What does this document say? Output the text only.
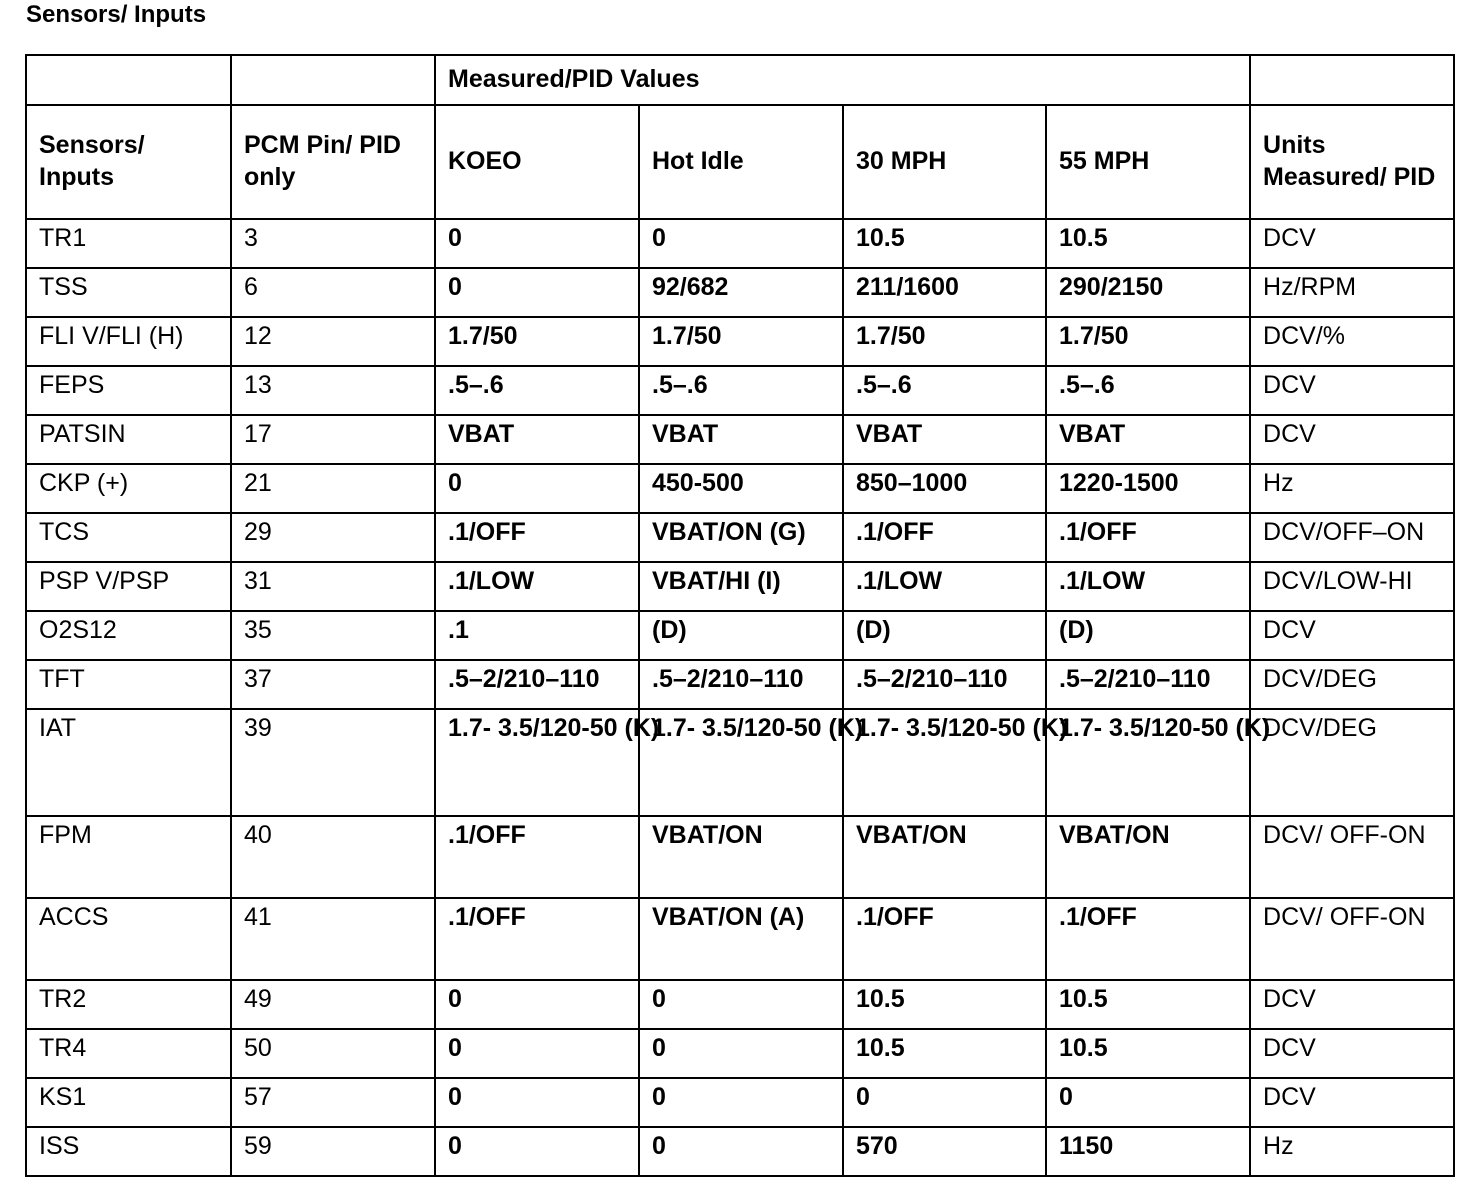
Sensors/ Inputs
		Measured/PID Values				
Sensors/ Inputs	PCM Pin/ PID only	KOEO	Hot Idle	30 MPH	55 MPH	Units Measured/ PID
TR1	3	0	0	10.5	10.5	DCV
TSS	6	0	92/682	211/1600	290/2150	Hz/RPM
FLI V/FLI (H)	12	1.7/50	1.7/50	1.7/50	1.7/50	DCV/%
FEPS	13	.5–.6	.5–.6	.5–.6	.5–.6	DCV
PATSIN	17	VBAT	VBAT	VBAT	VBAT	DCV
CKP (+)	21	0	450-500	850–1000	1220-1500	Hz
TCS	29	.1/OFF	VBAT/ON (G)	.1/OFF	.1/OFF	DCV/OFF–ON
PSP V/PSP	31	.1/LOW	VBAT/HI (I)	.1/LOW	.1/LOW	DCV/LOW-HI
O2S12	35	.1	(D)	(D)	(D)	DCV
TFT	37	.5–2/210–110	.5–2/210–110	.5–2/210–110	.5–2/210–110	DCV/DEG
IAT	39	1.7- 3.5/120-50 (K)	1.7- 3.5/120-50 (K)	1.7- 3.5/120-50 (K)	1.7- 3.5/120-50 (K)	DCV/DEG
FPM	40	.1/OFF	VBAT/ON	VBAT/ON	VBAT/ON	DCV/ OFF-ON
ACCS	41	.1/OFF	VBAT/ON (A)	.1/OFF	.1/OFF	DCV/ OFF-ON
TR2	49	0	0	10.5	10.5	DCV
TR4	50	0	0	10.5	10.5	DCV
KS1	57	0	0	0	0	DCV
ISS	59	0	0	570	1150	Hz
